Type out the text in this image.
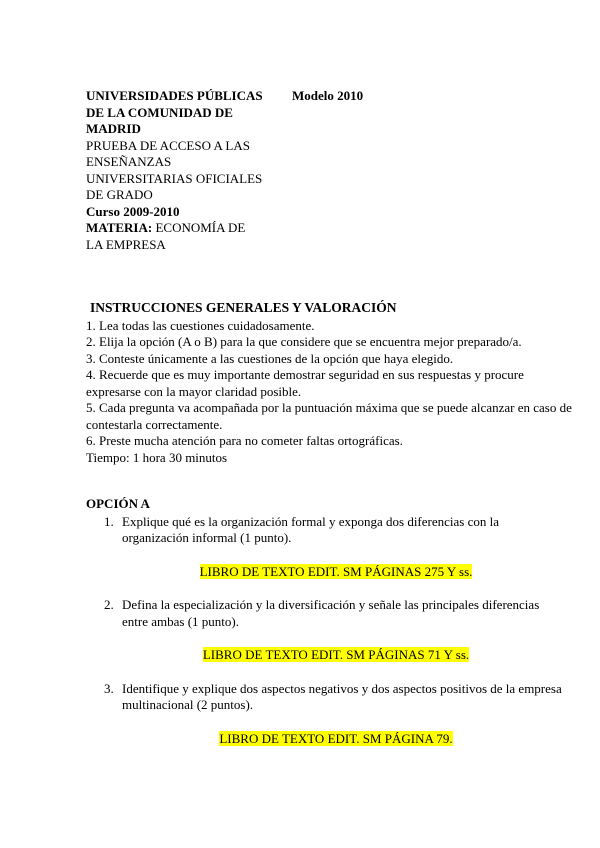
UNIVERSIDADES PÚBLICAS	Modelo 2010
DE LA COMUNIDAD DE
MADRID
PRUEBA DE ACCESO A LAS
ENSEÑANZAS
UNIVERSITARIAS OFICIALES
DE GRADO
Curso 2009-2010
MATERIA: ECONOMÍA DE
LA EMPRESA
INSTRUCCIONES GENERALES Y VALORACIÓN

1. Lea todas las cuestiones cuidadosamente.

2. Elija la opción (A o B) para la que considere que se encuentra mejor preparado/a.

3. Conteste únicamente a las cuestiones de la opción que haya elegido.

4. Recuerde que es muy importante demostrar seguridad en sus respuestas y procure expresarse con la mayor claridad posible.

5. Cada pregunta va acompañada por la puntuación máxima que se puede alcanzar en caso de contestarla correctamente.

6. Preste mucha atención para no cometer faltas ortográficas.

Tiempo: 1 hora 30 minutos

OPCIÓN A
1. Explique qué es la organización formal y exponga dos diferencias con la organización informal (1 punto).

LIBRO DE TEXTO EDIT. SM PÁGINAS 275 Y ss.

2. Defina la especialización y la diversificación y señale las principales diferencias entre ambas (1 punto).

LIBRO DE TEXTO EDIT. SM PÁGINAS 71 Y ss.

3. Identifique y explique dos aspectos negativos y dos aspectos positivos de la empresa multinacional (2 puntos).

LIBRO DE TEXTO EDIT. SM PÁGINA 79.
